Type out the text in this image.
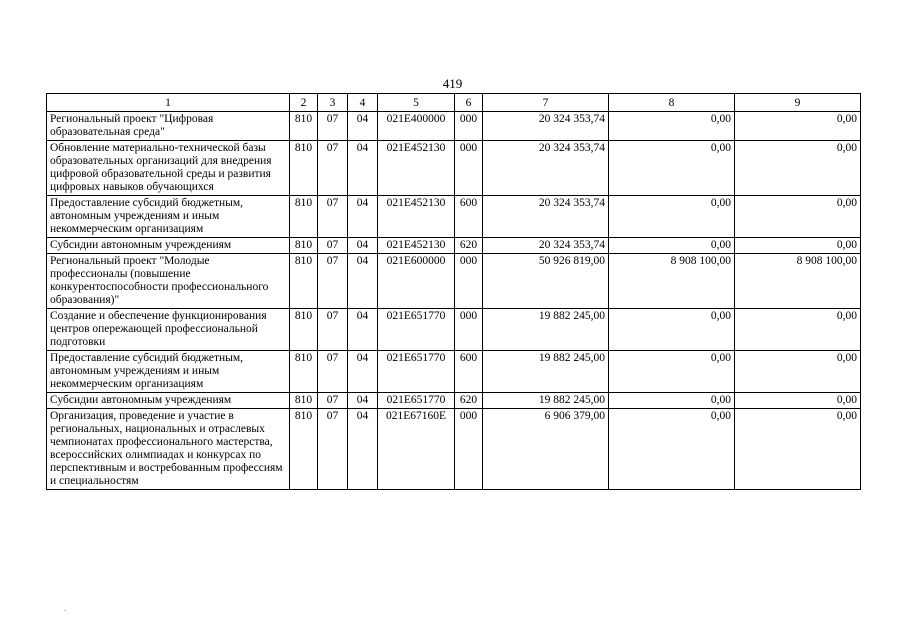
419
1	2	3	4	5	6	7	8	9
Региональный проект "Цифровая образовательная среда"	810	07	04	021E400000	000	20 324 353,74	0,00	0,00
Обновление материально-технической базы образовательных организаций для внедрения цифровой образовательной среды и развития цифровых навыков обучающихся	810	07	04	021E452130	000	20 324 353,74	0,00	0,00
Предоставление субсидий бюджетным, автономным учреждениям и иным некоммерческим организациям	810	07	04	021E452130	600	20 324 353,74	0,00	0,00
Субсидии автономным учреждениям	810	07	04	021E452130	620	20 324 353,74	0,00	0,00
Региональный проект "Молодые профессионалы (повышение конкурентоспособности профессионального образования)"	810	07	04	021E600000	000	50 926 819,00	8 908 100,00	8 908 100,00
Создание и обеспечение функционирования центров опережающей профессиональной подготовки	810	07	04	021E651770	000	19 882 245,00	0,00	0,00
Предоставление субсидий бюджетным, автономным учреждениям и иным некоммерческим организациям	810	07	04	021E651770	600	19 882 245,00	0,00	0,00
Субсидии автономным учреждениям	810	07	04	021E651770	620	19 882 245,00	0,00	0,00
Организация, проведение и участие в региональных, национальных и отраслевых чемпионатах профессионального мастерства, всероссийских олимпиадах и конкурсах по перспективным и востребованным профессиям и специальностям	810	07	04	021E67160E	000	6 906 379,00	0,00	0,00
